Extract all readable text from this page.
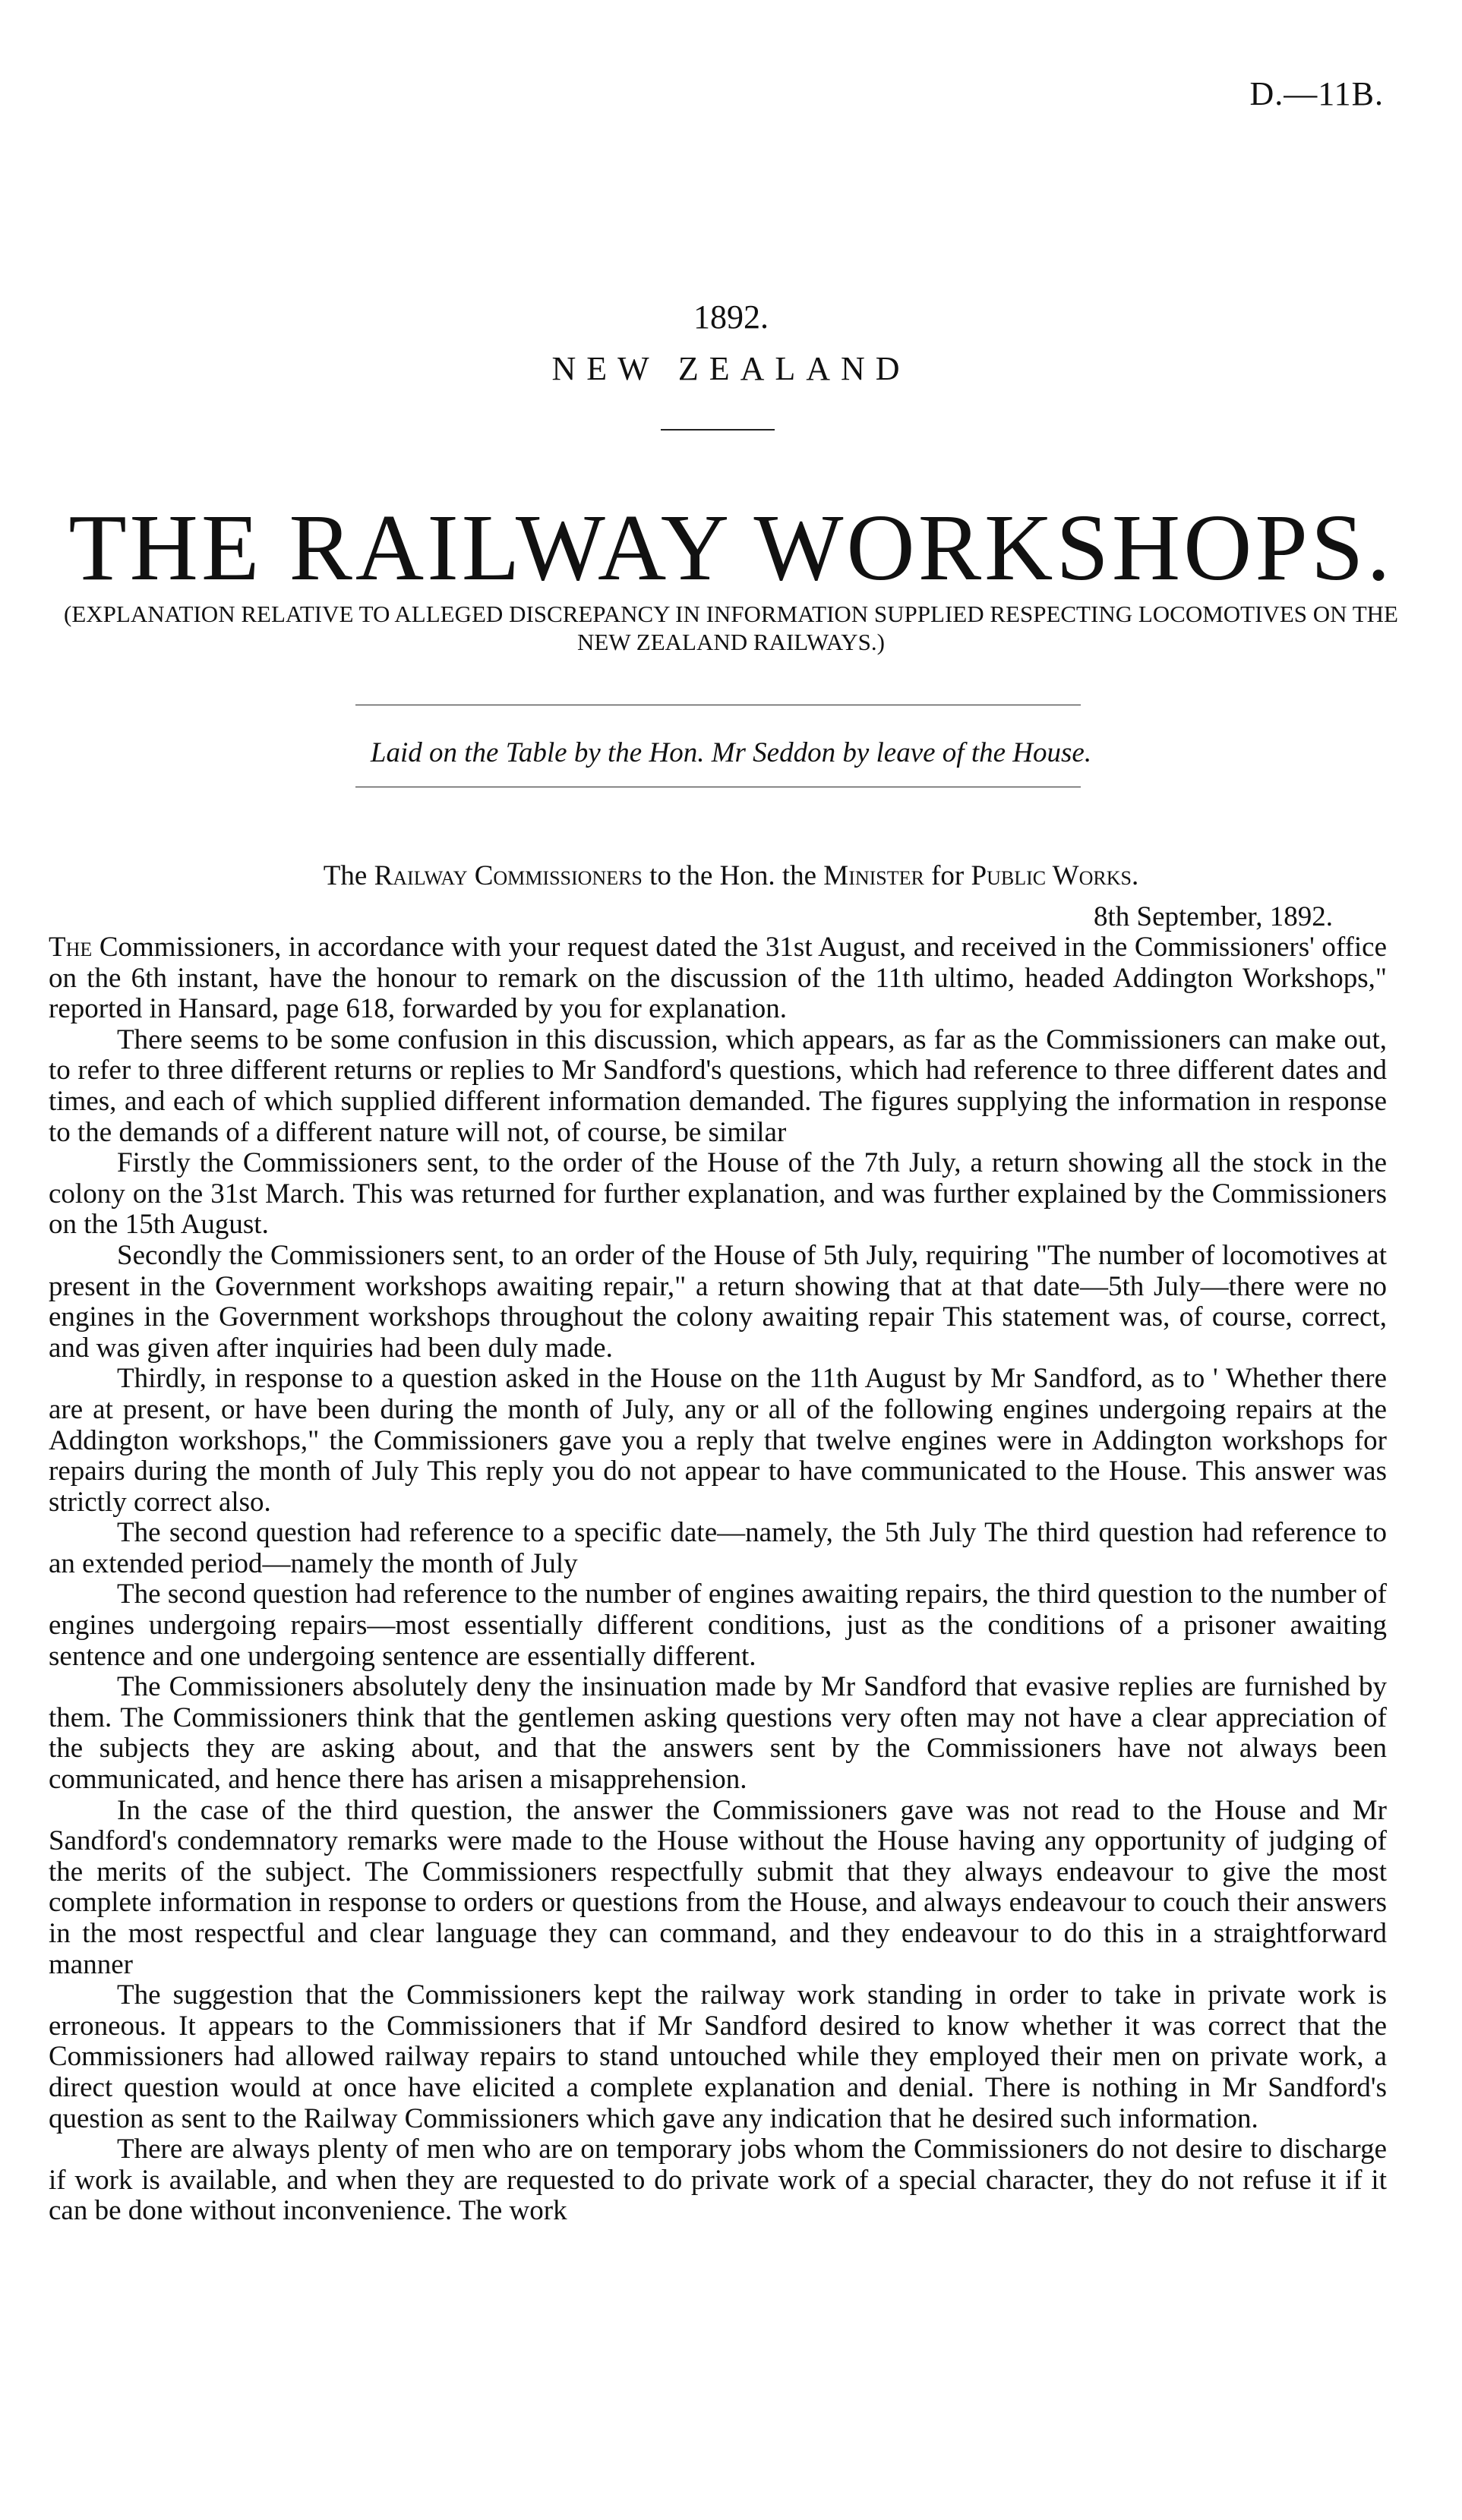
D.—11B.
1892.
NEW ZEALAND
THE RAILWAY WORKSHOPS.
(EXPLANATION RELATIVE TO ALLEGED DISCREPANCY IN INFORMATION SUPPLIED RESPECTING LOCOMOTIVES ON THE NEW ZEALAND RAILWAYS.)
Laid on the Table by the Hon. Mr Seddon by leave of the House.
The Railway Commissioners to the Hon. the Minister for Public Works.
8th September, 1892.

The Commissioners, in accordance with your request dated the 31st August, and received in the Commissioners' office on the 6th instant, have the honour to remark on the discussion of the 11th ultimo, headed Addington Workshops," reported in Hansard, page 618, forwarded by you for explanation.

There seems to be some confusion in this discussion, which appears, as far as the Commissioners can make out, to refer to three different returns or replies to Mr Sandford's questions, which had reference to three different dates and times, and each of which supplied different information demanded. The figures supplying the information in response to the demands of a different nature will not, of course, be similar

Firstly the Commissioners sent, to the order of the House of the 7th July, a return showing all the stock in the colony on the 31st March. This was returned for further explanation, and was further explained by the Commissioners on the 15th August.

Secondly the Commissioners sent, to an order of the House of 5th July, requiring "The number of locomotives at present in the Government workshops awaiting repair," a return showing that at that date—5th July—there were no engines in the Government workshops throughout the colony awaiting repair This statement was, of course, correct, and was given after inquiries had been duly made.

Thirdly, in response to a question asked in the House on the 11th August by Mr Sandford, as to ' Whether there are at present, or have been during the month of July, any or all of the following engines undergoing repairs at the Addington workshops," the Commissioners gave you a reply that twelve engines were in Addington workshops for repairs during the month of July This reply you do not appear to have communicated to the House. This answer was strictly correct also.

The second question had reference to a specific date—namely, the 5th July The third question had reference to an extended period—namely the month of July

The second question had reference to the number of engines awaiting repairs, the third question to the number of engines undergoing repairs—most essentially different conditions, just as the conditions of a prisoner awaiting sentence and one undergoing sentence are essentially different.

The Commissioners absolutely deny the insinuation made by Mr Sandford that evasive replies are furnished by them. The Commissioners think that the gentlemen asking questions very often may not have a clear appreciation of the subjects they are asking about, and that the answers sent by the Commissioners have not always been communicated, and hence there has arisen a misapprehension.

In the case of the third question, the answer the Commissioners gave was not read to the House and Mr Sandford's condemnatory remarks were made to the House without the House having any opportunity of judging of the merits of the subject. The Commissioners respectfully submit that they always endeavour to give the most complete information in response to orders or questions from the House, and always endeavour to couch their answers in the most respectful and clear language they can command, and they endeavour to do this in a straightforward manner

The suggestion that the Commissioners kept the railway work standing in order to take in private work is erroneous. It appears to the Commissioners that if Mr Sandford desired to know whether it was correct that the Commissioners had allowed railway repairs to stand untouched while they employed their men on private work, a direct question would at once have elicited a complete explanation and denial. There is nothing in Mr Sandford's question as sent to the Railway Commissioners which gave any indication that he desired such information.

There are always plenty of men who are on temporary jobs whom the Commissioners do not desire to discharge if work is available, and when they are requested to do private work of a special character, they do not refuse it if it can be done without inconvenience. The work
